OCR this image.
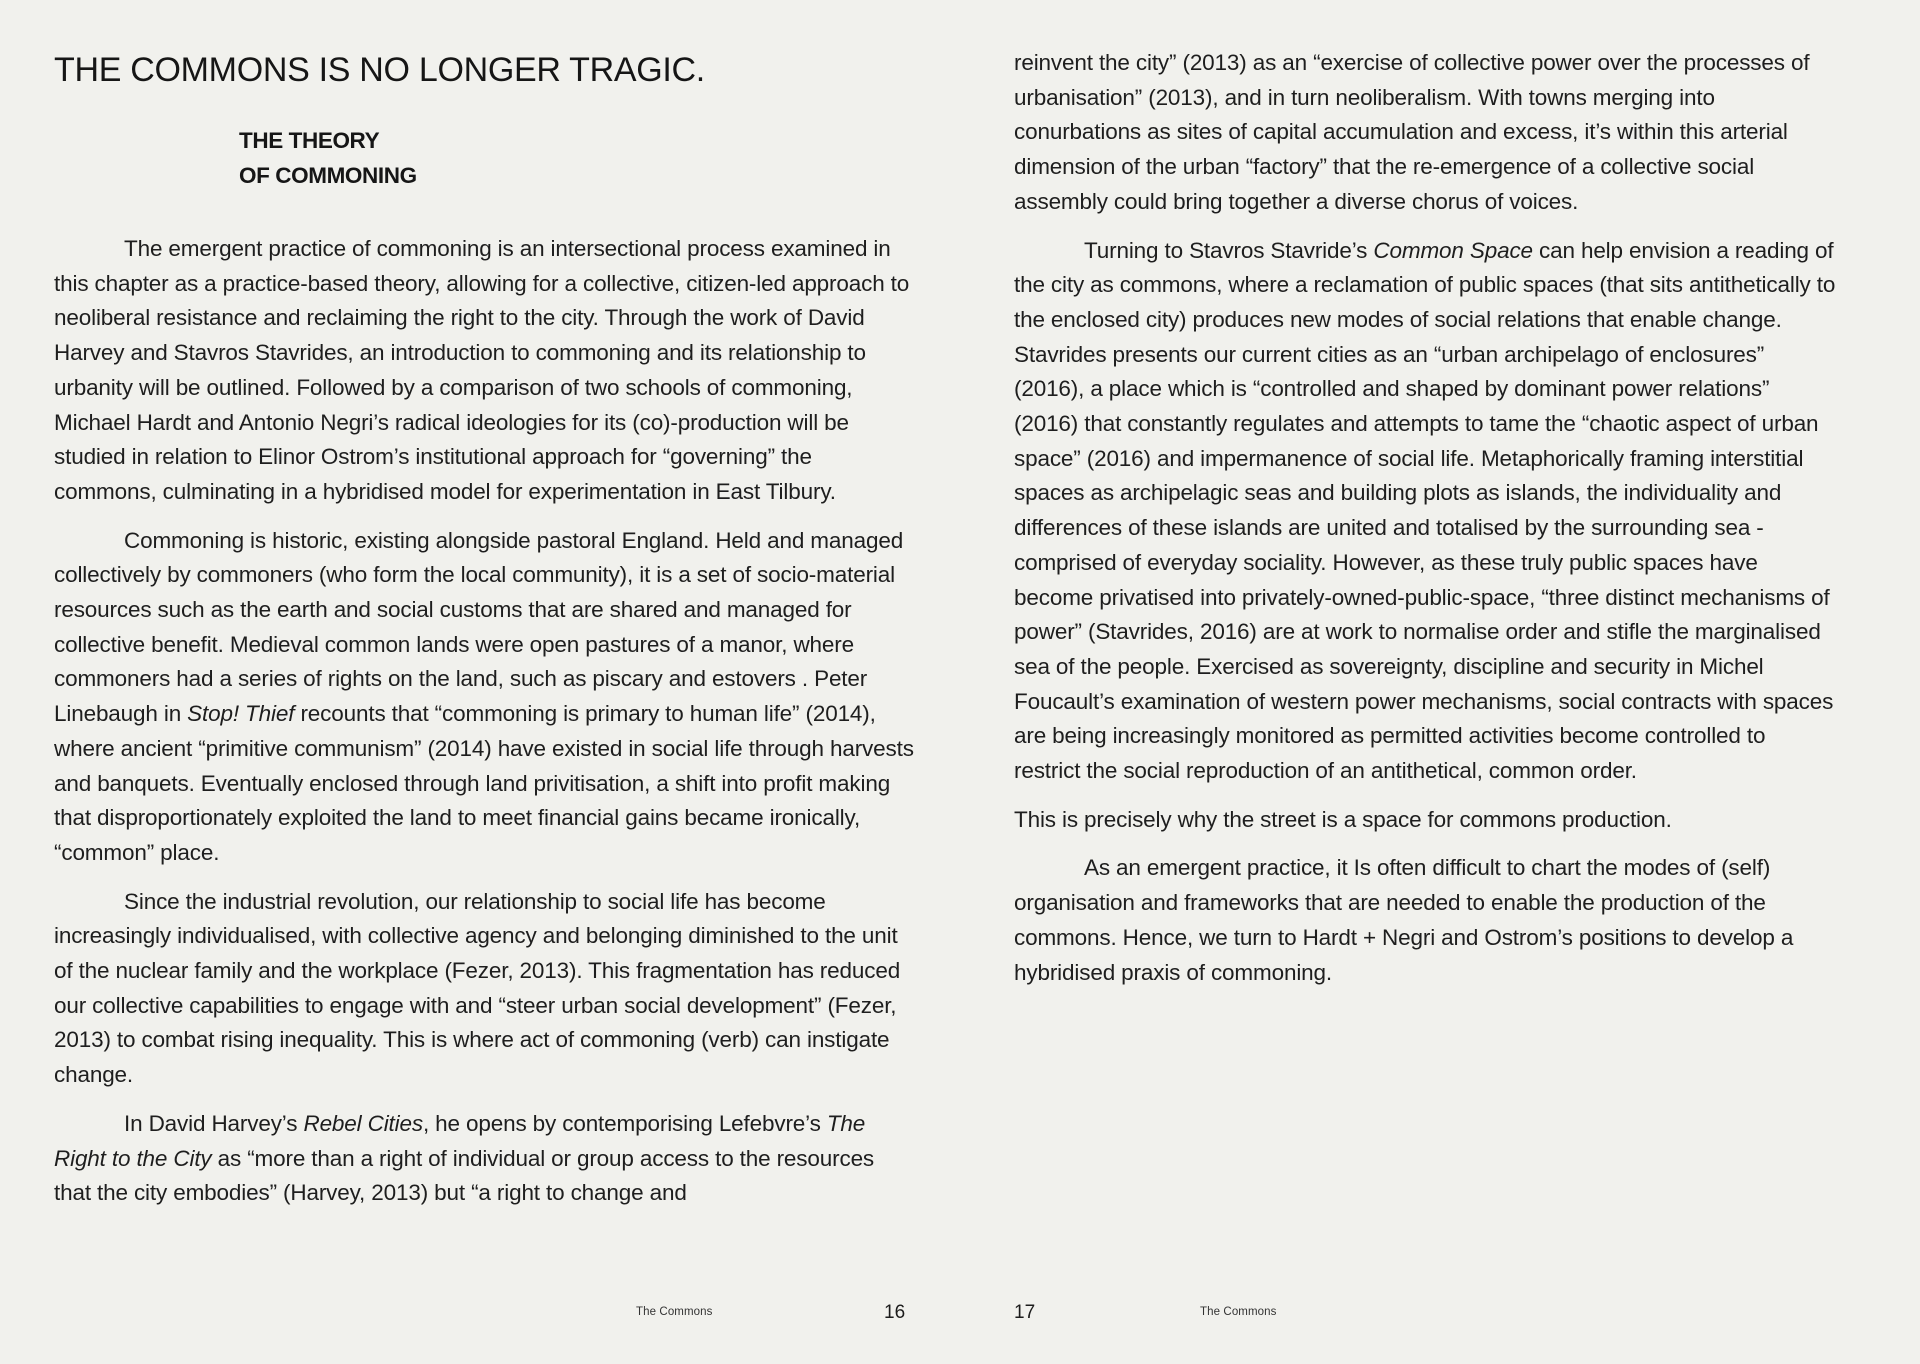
THE COMMONS IS NO LONGER TRAGIC.
THE THEORY
OF COMMONING

The emergent practice of commoning is an intersectional process examined in this chapter as a practice-based theory, allowing for a collective, citizen-led approach to neoliberal resistance and reclaiming the right to the city. Through the work of David Harvey and Stavros Stavrides, an introduction to commoning and its relationship to urbanity will be outlined. Followed by a comparison of two schools of commoning, Michael Hardt and Antonio Negri’s radical ideologies for its (co)-production will be studied in relation to Elinor Ostrom’s institutional approach for “governing” the commons, culminating in a hybridised model for experimentation in East Tilbury.

Commoning is historic, existing alongside pastoral England. Held and managed collectively by commoners (who form the local community), it is a set of socio-material resources such as the earth and social customs that are shared and managed for collective benefit. Medieval common lands were open pastures of a manor, where commoners had a series of rights on the land, such as piscary and estovers . Peter Linebaugh in Stop! Thief recounts that “commoning is primary to human life” (2014), where ancient “primitive communism” (2014) have existed in social life through harvests and banquets. Eventually enclosed through land privitisation, a shift into profit making that disproportionately exploited the land to meet financial gains became ironically, “common” place.

Since the industrial revolution, our relationship to social life has become increasingly individualised, with collective agency and belonging diminished to the unit of the nuclear family and the workplace (Fezer, 2013). This fragmentation has reduced our collective capabilities to engage with and “steer urban social development” (Fezer, 2013) to combat rising inequality. This is where act of commoning (verb) can instigate change.

In David Harvey’s Rebel Cities, he opens by contemporising Lefebvre’s The Right to the City as “more than a right of individual or group access to the resources that the city embodies” (Harvey, 2013) but “a right to change and

The Commons	16

reinvent the city” (2013) as an “exercise of collective power over the processes of urbanisation” (2013), and in turn neoliberalism. With towns merging into conurbations as sites of capital accumulation and excess, it’s within this arterial dimension of the urban “factory” that the re-emergence of a collective social assembly could bring together a diverse chorus of voices.

Turning to Stavros Stavride’s Common Space can help envision a reading of the city as commons, where a reclamation of public spaces (that sits antithetically to the enclosed city) produces new modes of social relations that enable change. Stavrides presents our current cities as an “urban archipelago of enclosures” (2016), a place which is “controlled and shaped by dominant power relations” (2016) that constantly regulates and attempts to tame the “chaotic aspect of urban space” (2016) and impermanence of social life. Metaphorically framing interstitial spaces as archipelagic seas and building plots as islands, the individuality and differences of these islands are united and totalised by the surrounding sea - comprised of everyday sociality. However, as these truly public spaces have become privatised into privately-owned-public-space, “three distinct mechanisms of power” (Stavrides, 2016) are at work to normalise order and stifle the marginalised sea of the people. Exercised as sovereignty, discipline and security in Michel Foucault’s examination of western power mechanisms, social contracts with spaces are being increasingly monitored as permitted activities become controlled to restrict the social reproduction of an antithetical, common order.

This is precisely why the street is a space for commons production.

As an emergent practice, it Is often difficult to chart the modes of (self) organisation and frameworks that are needed to enable the production of the commons. Hence, we turn to Hardt + Negri and Ostrom’s positions to develop a hybridised praxis of commoning.

17	The Commons
